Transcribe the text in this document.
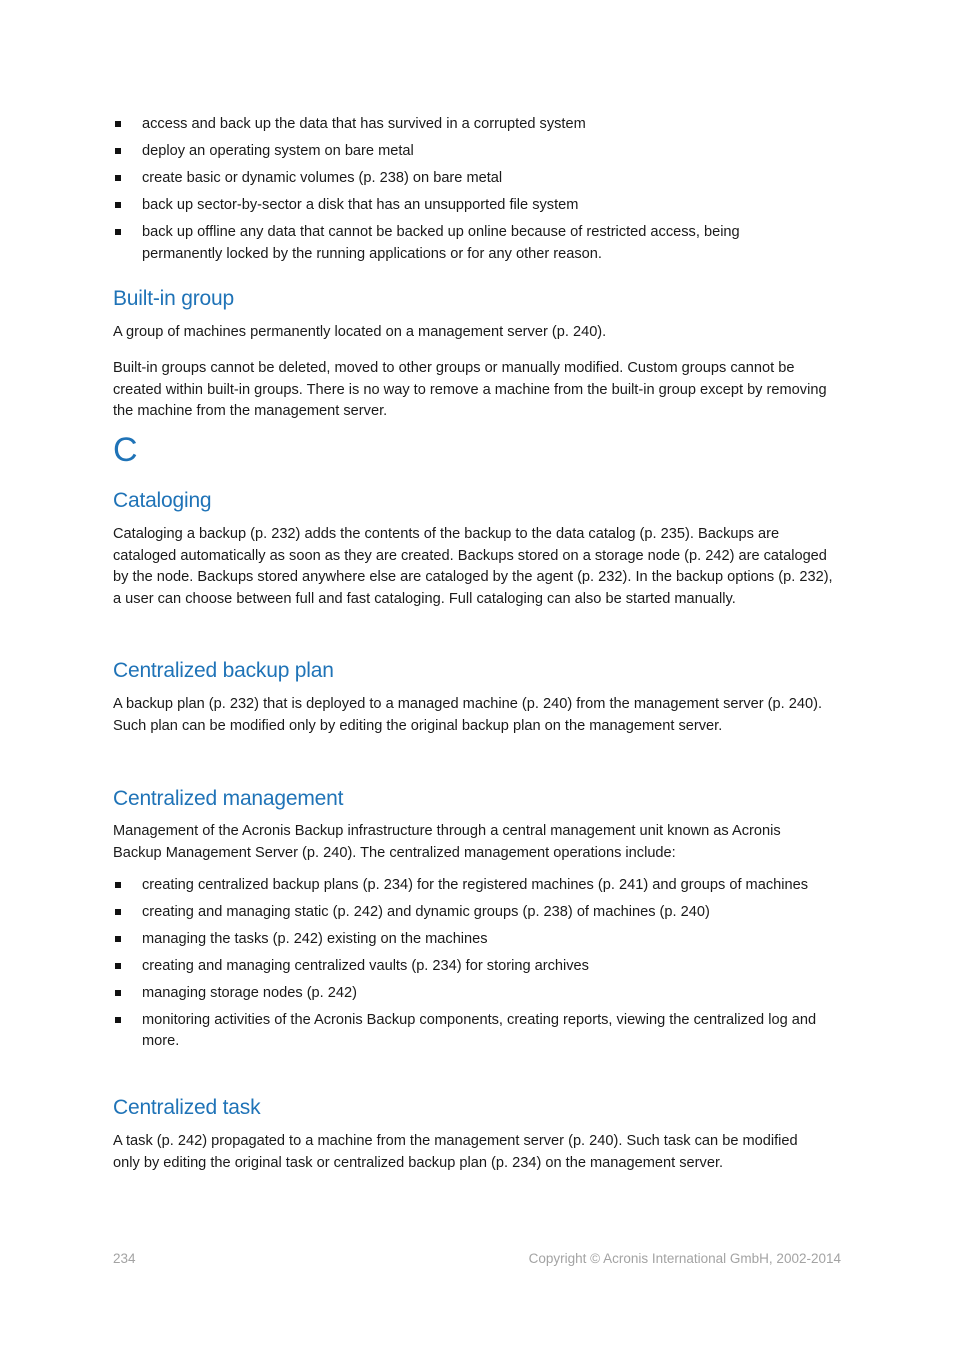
access and back up the data that has survived in a corrupted system
deploy an operating system on bare metal
create basic or dynamic volumes (p. 238) on bare metal
back up sector-by-sector a disk that has an unsupported file system
back up offline any data that cannot be backed up online because of restricted access, being permanently locked by the running applications or for any other reason.
Built-in group

A group of machines permanently located on a management server (p. 240).

Built-in groups cannot be deleted, moved to other groups or manually modified. Custom groups cannot be created within built-in groups. There is no way to remove a machine from the built-in group except by removing the machine from the management server.

C
Cataloging

Cataloging a backup (p. 232) adds the contents of the backup to the data catalog (p. 235). Backups are cataloged automatically as soon as they are created. Backups stored on a storage node (p. 242) are cataloged by the node. Backups stored anywhere else are cataloged by the agent (p. 232). In the backup options (p. 232), a user can choose between full and fast cataloging. Full cataloging can also be started manually.

Centralized backup plan

A backup plan (p. 232) that is deployed to a managed machine (p. 240) from the management server (p. 240). Such plan can be modified only by editing the original backup plan on the management server.

Centralized management

Management of the Acronis Backup infrastructure through a central management unit known as Acronis Backup Management Server (p. 240). The centralized management operations include:

creating centralized backup plans (p. 234) for the registered machines (p. 241) and groups of machines
creating and managing static (p. 242) and dynamic groups (p. 238) of machines (p. 240)
managing the tasks (p. 242) existing on the machines
creating and managing centralized vaults (p. 234) for storing archives
managing storage nodes (p. 242)
monitoring activities of the Acronis Backup components, creating reports, viewing the centralized log and more.
Centralized task

A task (p. 242) propagated to a machine from the management server (p. 240). Such task can be modified only by editing the original task or centralized backup plan (p. 234) on the management server.

234	Copyright © Acronis International GmbH, 2002-2014
